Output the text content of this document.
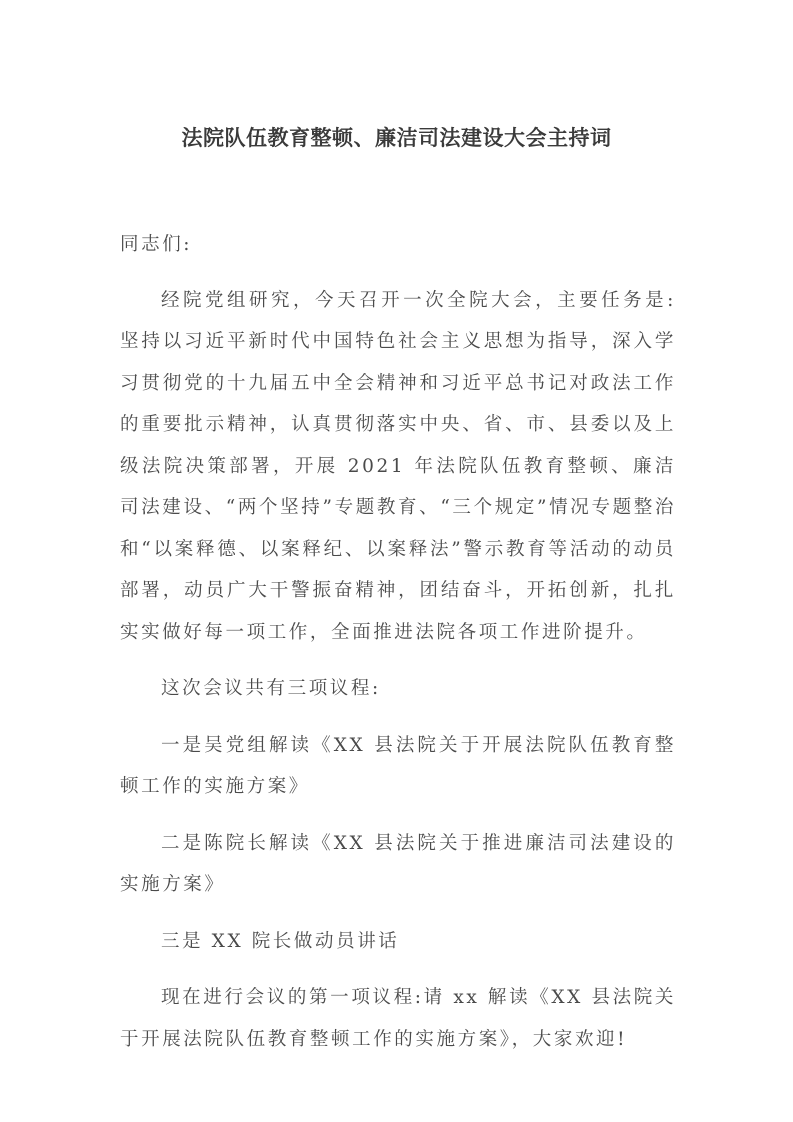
法院队伍教育整顿、廉洁司法建设大会主持词

同志们:

经院党组研究，今天召开一次全院大会，主要任务是:坚持以习近平新时代中国特色社会主义思想为指导，深入学习贯彻党的十九届五中全会精神和习近平总书记对政法工作的重要批示精神，认真贯彻落实中央、省、市、县委以及上级法院决策部署，开展 2021 年法院队伍教育整顿、廉洁司法建设、“两个坚持”专题教育、“三个规定”情况专题整治和“以案释德、以案释纪、以案释法”警示教育等活动的动员部署，动员广大干警振奋精神，团结奋斗，开拓创新，扎扎实实做好每一项工作，全面推进法院各项工作进阶提升。

这次会议共有三项议程:

一是吴党组解读《XX 县法院关于开展法院队伍教育整顿工作的实施方案》

二是陈院长解读《XX 县法院关于推进廉洁司法建设的实施方案》

三是 XX 院长做动员讲话

现在进行会议的第一项议程:请 xx 解读《XX 县法院关于开展法院队伍教育整顿工作的实施方案》，大家欢迎!
